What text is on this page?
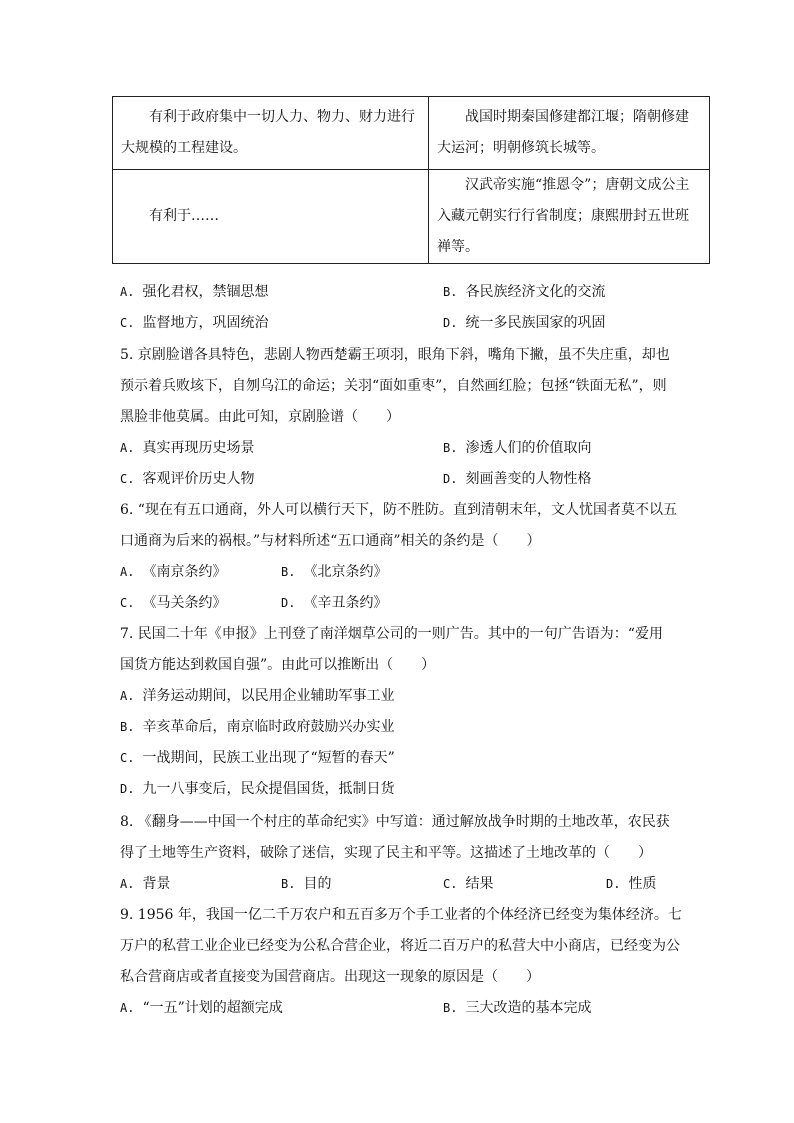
有利于政府集中一切人力、物力、财力进行大规模的工程建设。	战国时期秦国修建都江堰；隋朝修建大运河；明朝修筑长城等。

有利于……	汉武帝实施“推恩令”；唐朝文成公主入藏元朝实行行省制度；康熙册封五世班禅等。

A. 强化君权，禁锢思想	B. 各民族经济文化的交流
C. 监督地方，巩固统治	D. 统一多民族国家的巩固
5. 京剧脸谱各具特色，悲剧人物西楚霸王项羽，眼角下斜，嘴角下撇，虽不失庄重，却也
预示着兵败垓下，自刎乌江的命运；关羽“面如重枣”，自然画红脸；包拯“铁面无私”，则
黑脸非他莫属。由此可知，京剧脸谱（　　）
A. 真实再现历史场景	B. 渗透人们的价值取向
C. 客观评价历史人物	D. 刻画善变的人物性格
6. “现在有五口通商，外人可以横行天下，防不胜防。直到清朝末年，文人忧国者莫不以五
口通商为后来的祸根。”与材料所述“五口通商”相关的条约是（　　）
A. 《南京条约》	B. 《北京条约》
C. 《马关条约》	D. 《辛丑条约》
7. 民国二十年《申报》上刊登了南洋烟草公司的一则广告。其中的一句广告语为：“爱用
国货方能达到救国自强”。由此可以推断出（　　）
A. 洋务运动期间，以民用企业辅助军事工业
B. 辛亥革命后，南京临时政府鼓励兴办实业
C. 一战期间，民族工业出现了“短暂的春天”
D. 九一八事变后，民众提倡国货，抵制日货
8. 《翻身——中国一个村庄的革命纪实》中写道：通过解放战争时期的土地改革，农民获
得了土地等生产资料，破除了迷信，实现了民主和平等。这描述了土地改革的（　　）
A. 背景	B. 目的	C. 结果	D. 性质
9. 1956 年，我国一亿二千万农户和五百多万个手工业者的个体经济已经变为集体经济。七
万户的私营工业企业已经变为公私合营企业，将近二百万户的私营大中小商店，已经变为公
私合营商店或者直接变为国营商店。出现这一现象的原因是（　　）
A. “一五”计划的超额完成	B. 三大改造的基本完成
